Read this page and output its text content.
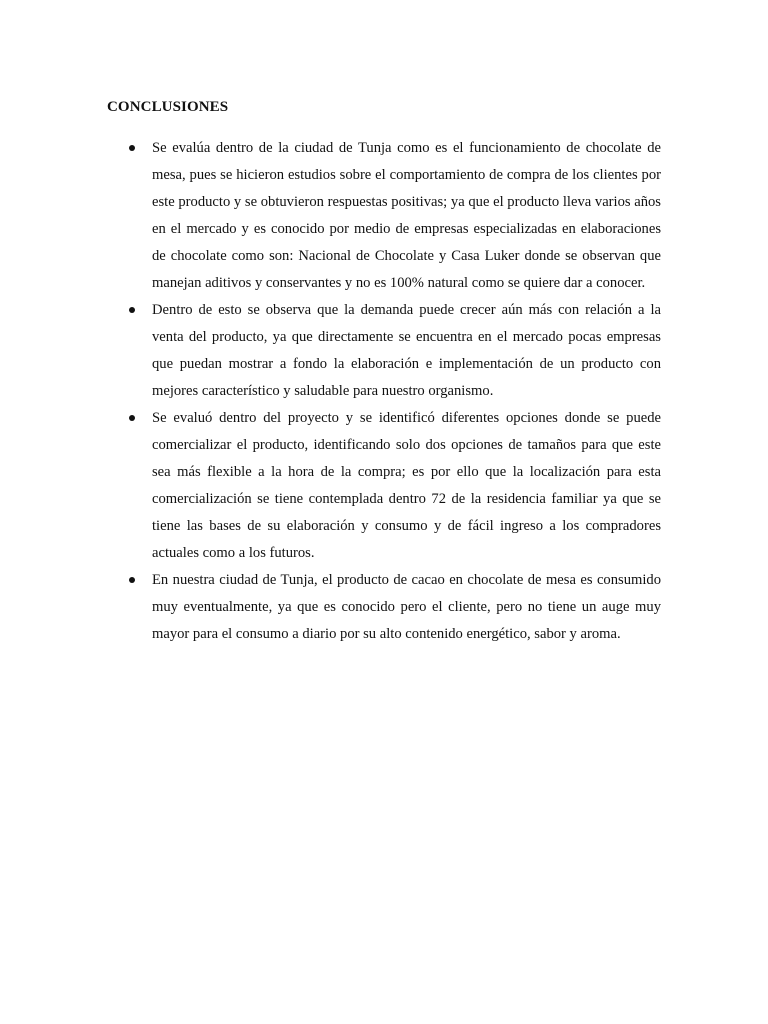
CONCLUSIONES
Se evalúa dentro de la ciudad de Tunja como es el funcionamiento de chocolate de mesa, pues se hicieron estudios sobre el comportamiento de compra de los clientes por este producto y se obtuvieron respuestas positivas; ya que el producto lleva varios años en el mercado y es conocido por medio de empresas especializadas en elaboraciones de chocolate como son: Nacional de Chocolate y Casa Luker donde se observan que manejan aditivos y conservantes y no es 100% natural como se quiere dar a conocer.
Dentro de esto se observa que la demanda puede crecer aún más con relación a la venta del producto, ya que directamente se encuentra en el mercado pocas empresas que puedan mostrar a fondo la elaboración e implementación de un producto con mejores característico y saludable para nuestro organismo.
Se evaluó dentro del proyecto y se identificó diferentes opciones donde se puede comercializar el producto, identificando solo dos opciones de tamaños para que este sea más flexible a la hora de la compra; es por ello que la localización para esta comercialización se tiene contemplada dentro 72 de la residencia familiar ya que se tiene las bases de su elaboración y consumo y de fácil ingreso a los compradores actuales como a los futuros.
En nuestra ciudad de Tunja, el producto de cacao en chocolate de mesa es consumido muy eventualmente, ya que es conocido pero el cliente, pero no tiene un auge muy mayor para el consumo a diario por su alto contenido energético, sabor y aroma.
